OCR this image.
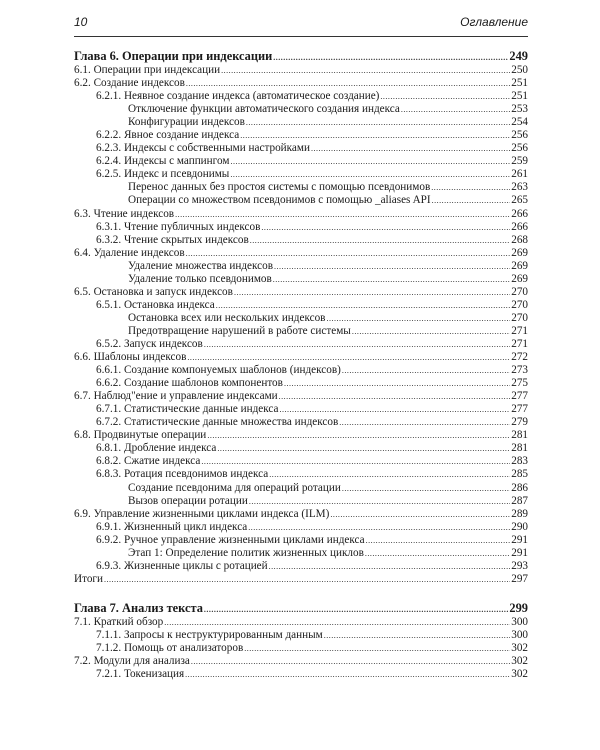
10	Оглавление
Глава 6. Операции при индексации .....	249
6.1. Операции при индексации .....	250
6.2. Создание индексов .....	251
6.2.1. Неявное создание индекса (автоматическое создание) .....	251
Отключение функции автоматического создания индекса .....	253
Конфигурации индексов .....	254
6.2.2. Явное создание индекса .....	256
6.2.3. Индексы с собственными настройками .....	256
6.2.4. Индексы с маппингом .....	259
6.2.5. Индекс и псевдонимы .....	261
Перенос данных без простоя системы с помощью псевдонимов .....	263
Операции со множеством псевдонимов с помощью _aliases API .....	265
6.3. Чтение индексов .....	266
6.3.1. Чтение публичных индексов .....	266
6.3.2. Чтение скрытых индексов .....	268
6.4. Удаление индексов .....	269
Удаление множества индексов .....	269
Удаление только псевдонимов .....	269
6.5. Остановка и запуск индексов .....	270
6.5.1. Остановка индекса .....	270
Остановка всех или нескольких индексов .....	270
Предотвращение нарушений в работе системы .....	271
6.5.2. Запуск индексов .....	271
6.6. Шаблоны индексов .....	272
6.6.1. Создание компонуемых шаблонов (индексов) .....	273
6.6.2. Создание шаблонов компонентов .....	275
6.7. Наблюд"ение и управление индексами .....	277
6.7.1. Статистические данные индекса .....	277
6.7.2. Статистические данные множества индексов .....	279
6.8. Продвинутые операции .....	281
6.8.1. Дробление индекса .....	281
6.8.2. Сжатие индекса .....	283
6.8.3. Ротация псевдонимов индекса .....	285
Создание псевдонима для операций ротации .....	286
Вызов операции ротации .....	287
6.9. Управление жизненными циклами индекса (ILM) .....	289
6.9.1. Жизненный цикл индекса .....	290
6.9.2. Ручное управление жизненными циклами индекса .....	291
Этап 1: Определение политик жизненных циклов .....	291
6.9.3. Жизненные циклы с ротацией .....	293
Итоги .....	297
Глава 7. Анализ текста .....	299
7.1. Краткий обзор .....	300
7.1.1. Запросы к неструктурированным данным .....	300
7.1.2. Помощь от анализаторов .....	302
7.2. Модули для анализа .....	302
7.2.1. Токенизация .....	302
